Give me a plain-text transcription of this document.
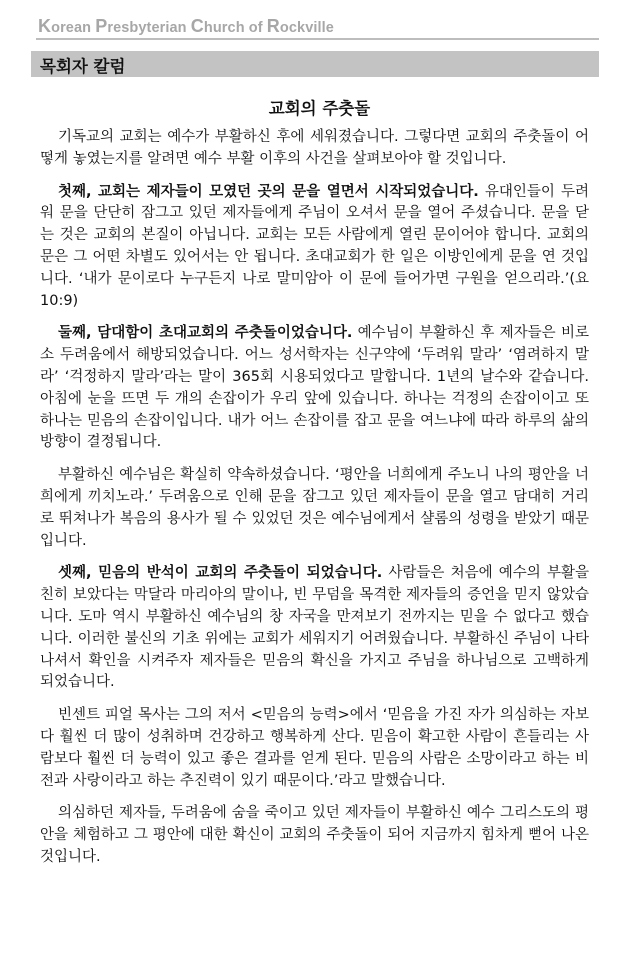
Korean Presbyterian Church of Rockville
목회자 칼럼
교회의 주춧돌

기독교의 교회는 예수가 부활하신 후에 세워졌습니다. 그렇다면 교회의 주춧돌이 어떻게 놓였는지를 알려면 예수 부활 이후의 사건을 살펴보아야 할 것입니다.

첫째, 교회는 제자들이 모였던 곳의 문을 열면서 시작되었습니다. 유대인들이 두려워 문을 단단히 잠그고 있던 제자들에게 주님이 오셔서 문을 열어 주셨습니다. 문을 닫는 것은 교회의 본질이 아닙니다. 교회는 모든 사람에게 열린 문이어야 합니다. 교회의 문은 그 어떤 차별도 있어서는 안 됩니다. 초대교회가 한 일은 이방인에게 문을 연 것입니다. ‘내가 문이로다 누구든지 나로 말미암아 이 문에 들어가면 구원을 얻으리라.’(요10:9)

둘째, 담대함이 초대교회의 주춧돌이었습니다. 예수님이 부활하신 후 제자들은 비로소 두려움에서 해방되었습니다. 어느 성서학자는 신구약에 ‘두려워 말라’ ‘염려하지 말라’ ‘걱정하지 말라’라는 말이 365회 시용되었다고 말합니다. 1년의 날수와 같습니다. 아침에 눈을 뜨면 두 개의 손잡이가 우리 앞에 있습니다. 하나는 걱정의 손잡이이고 또 하나는 믿음의 손잡이입니다. 내가 어느 손잡이를 잡고 문을 여느냐에 따라 하루의 삶의 방향이 결정됩니다.

부활하신 예수님은 확실히 약속하셨습니다. ‘평안을 너희에게 주노니 나의 평안을 너희에게 끼치노라.’ 두려움으로 인해 문을 잠그고 있던 제자들이 문을 열고 담대히 거리로 뛰쳐나가 복음의 용사가 될 수 있었던 것은 예수님에게서 샬롬의 성령을 받았기 때문입니다.

셋째, 믿음의 반석이 교회의 주춧돌이 되었습니다. 사람들은 처음에 예수의 부활을 친히 보았다는 막달라 마리아의 말이나, 빈 무덤을 목격한 제자들의 증언을 믿지 않았습니다. 도마 역시 부활하신 예수님의 창 자국을 만져보기 전까지는 믿을 수 없다고 했습니다. 이러한 불신의 기초 위에는 교회가 세워지기 어려웠습니다. 부활하신 주님이 나타나셔서 확인을 시켜주자 제자들은 믿음의 확신을 가지고 주님을 하나님으로 고백하게 되었습니다.

빈센트 피얼 목사는 그의 저서 <믿음의 능력>에서 ‘믿음을 가진 자가 의심하는 자보다 훨씬 더 많이 성취하며 건강하고 행복하게 산다. 믿음이 확고한 사람이 흔들리는 사람보다 훨씬 더 능력이 있고 좋은 결과를 얻게 된다. 믿음의 사람은 소망이라고 하는 비전과 사랑이라고 하는 추진력이 있기 때문이다.’라고 말했습니다.

의심하던 제자들, 두려움에 숨을 죽이고 있던 제자들이 부활하신 예수 그리스도의 평안을 체험하고 그 평안에 대한 확신이 교회의 주춧돌이 되어 지금까지 힘차게 뻗어 나온 것입니다.
